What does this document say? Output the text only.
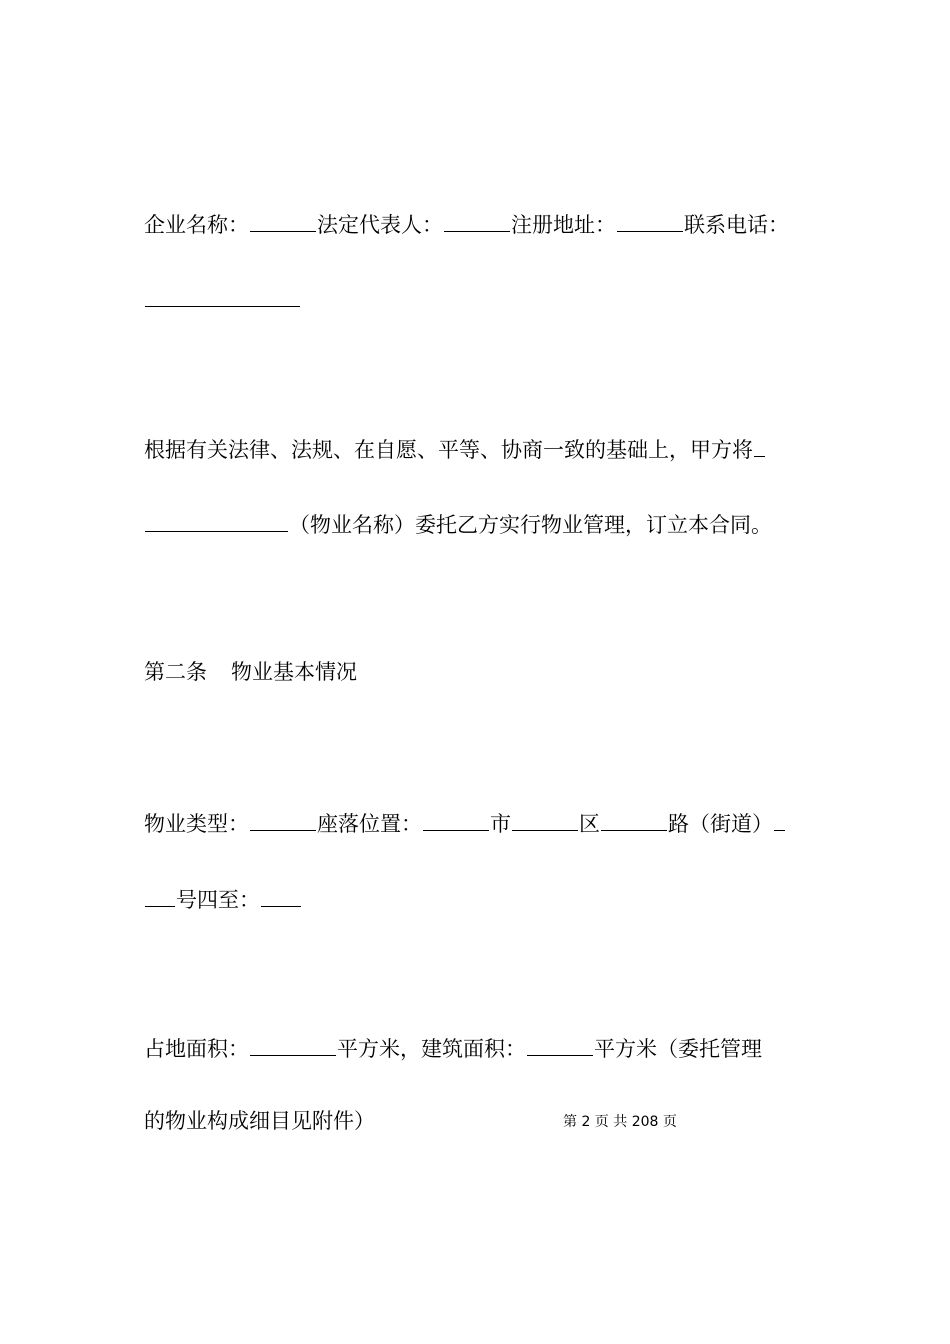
企业名称：	法定代表人：	注册地址：	联系电话：
根据有关法律、法规、在自愿、平等、协商一致的基础上，甲方将
（物业名称）委托乙方实行物业管理，订立本合同。
第二条 物业基本情况
物业类型：	座落位置：	市	区	路（街道）
号四至：
占地面积：	平方米，建筑面积：	平方米（委托管理
的物业构成细目见附件）	第 2 页 共 208 页
